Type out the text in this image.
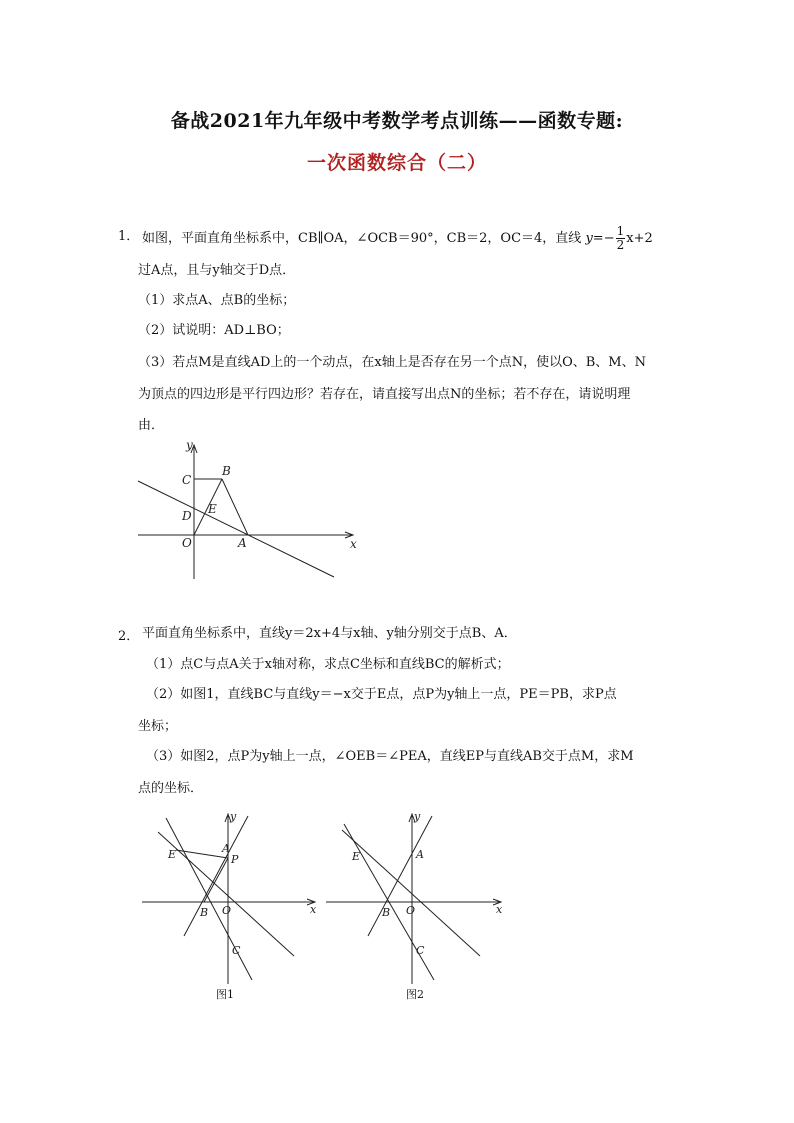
备战2021年九年级中考数学考点训练——函数专题:
一次函数综合（二）
1． 如图，平面直角坐标系中，CB∥OA，∠OCB＝90°，CB＝2，OC＝4，直线 $y=- \frac{1}{2} x+2$
过A点，且与y轴交于D点．
（1）求点A、点B的坐标；
（2）试说明：AD⊥BO；
（3）若点M是直线AD上的一个动点，在x轴上是否存在另一个点N，使以O、B、M、N
为顶点的四边形是平行四边形？若存在，请直接写出点N的坐标；若不存在，请说明理
由．
y
x
C
B
D E
O	A
2． 平面直角坐标系中，直线y＝2x+4与x轴、y轴分别交于点B、A．
（1）点C与点A关于x轴对称，求点C坐标和直线BC的解析式；
（2）如图1，直线BC与直线y＝−x交于E点，点P为y轴上一点，PE＝PB，求P点
坐标；
（3）如图2，点P为y轴上一点，∠OEB＝∠PEA，直线EP与直线AB交于点M，求M
点的坐标．
y
x
E	A
P
B O
C
图1
y
x
E	A
B O
C
图2
